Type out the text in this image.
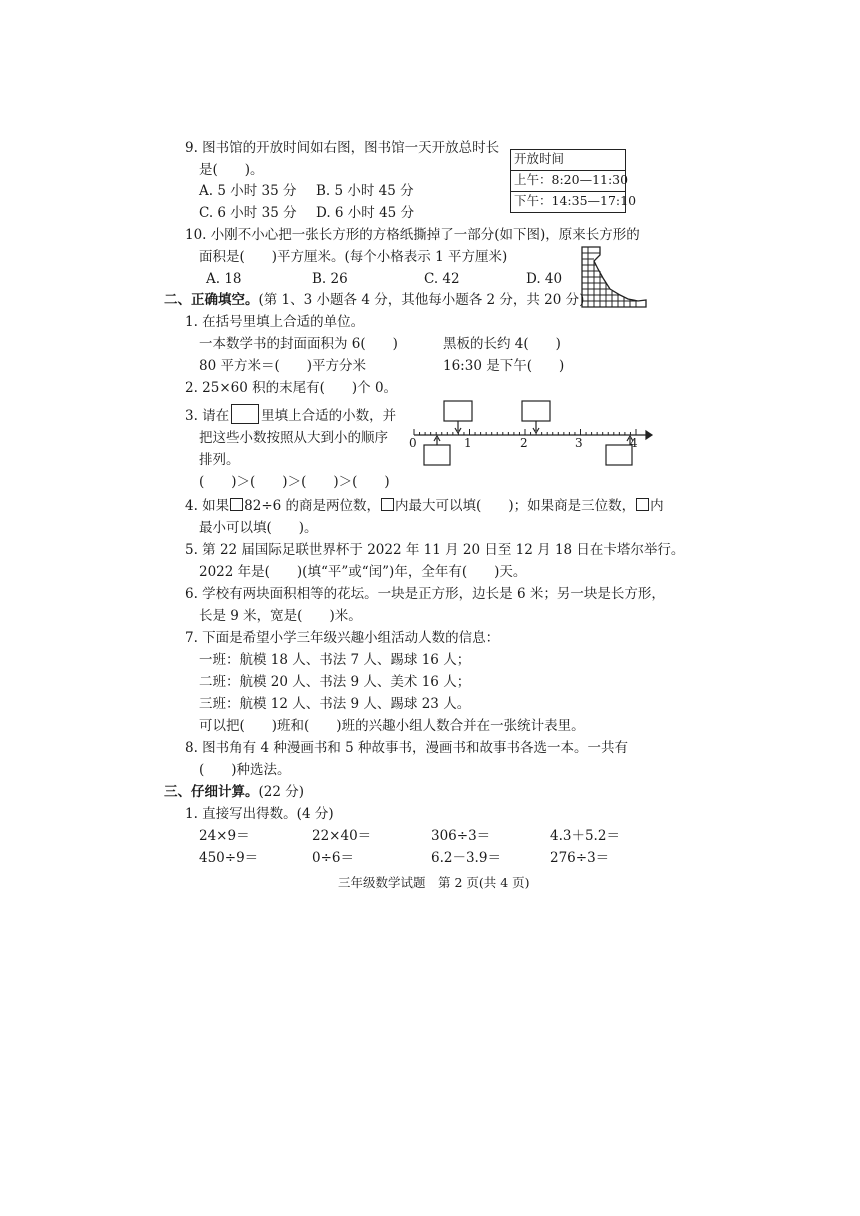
9. 图书馆的开放时间如右图，图书馆一天开放总时长
是(　　)。
A. 5 小时 35 分 B. 5 小时 45 分
C. 6 小时 35 分 D. 6 小时 45 分
开放时间
上午：8:20—11:30
下午：14:35—17:10
10. 小刚不小心把一张长方形的方格纸撕掉了一部分(如下图)，原来长方形的
面积是(　　)平方厘米。(每个小格表示 1 平方厘米)
A. 18	B. 26	C. 42	D. 40
二、正确填空。(第 1、3 小题各 4 分，其他每小题各 2 分，共 20 分)
1. 在括号里填上合适的单位。
一本数学书的封面面积为 6(　　)	黑板的长约 4(　　)
80 平方米＝(　　)平方分米	16:30 是下午(　　)
2. 25×60 积的末尾有(　　)个 0。
3. 请在 里填上合适的小数，并
把这些小数按照从大到小的顺序
排列。
(　　)＞(　　)＞(　　)＞(　　)
0	1	2	3	4
4. 如果 82÷6 的商是两位数， 内最大可以填(　　)；如果商是三位数， 内
最小可以填(　　)。
5. 第 22 届国际足联世界杯于 2022 年 11 月 20 日至 12 月 18 日在卡塔尔举行。
2022 年是(　　)(填“平”或“闰”)年，全年有(　　)天。
6. 学校有两块面积相等的花坛。一块是正方形，边长是 6 米；另一块是长方形，
长是 9 米，宽是(　　)米。
7. 下面是希望小学三年级兴趣小组活动人数的信息：
一班：航模 18 人、书法 7 人、踢球 16 人；
二班：航模 20 人、书法 9 人、美术 16 人；
三班：航模 12 人、书法 9 人、踢球 23 人。
可以把(　　)班和(　　)班的兴趣小组人数合并在一张统计表里。
8. 图书角有 4 种漫画书和 5 种故事书，漫画书和故事书各选一本。一共有
(　　)种选法。
三、仔细计算。(22 分)
1. 直接写出得数。(4 分)
24×9＝	22×40＝	306÷3＝	4.3＋5.2＝
450÷9＝	0÷6＝	6.2－3.9＝	276÷3＝
三年级数学试题　第 2 页(共 4 页)
